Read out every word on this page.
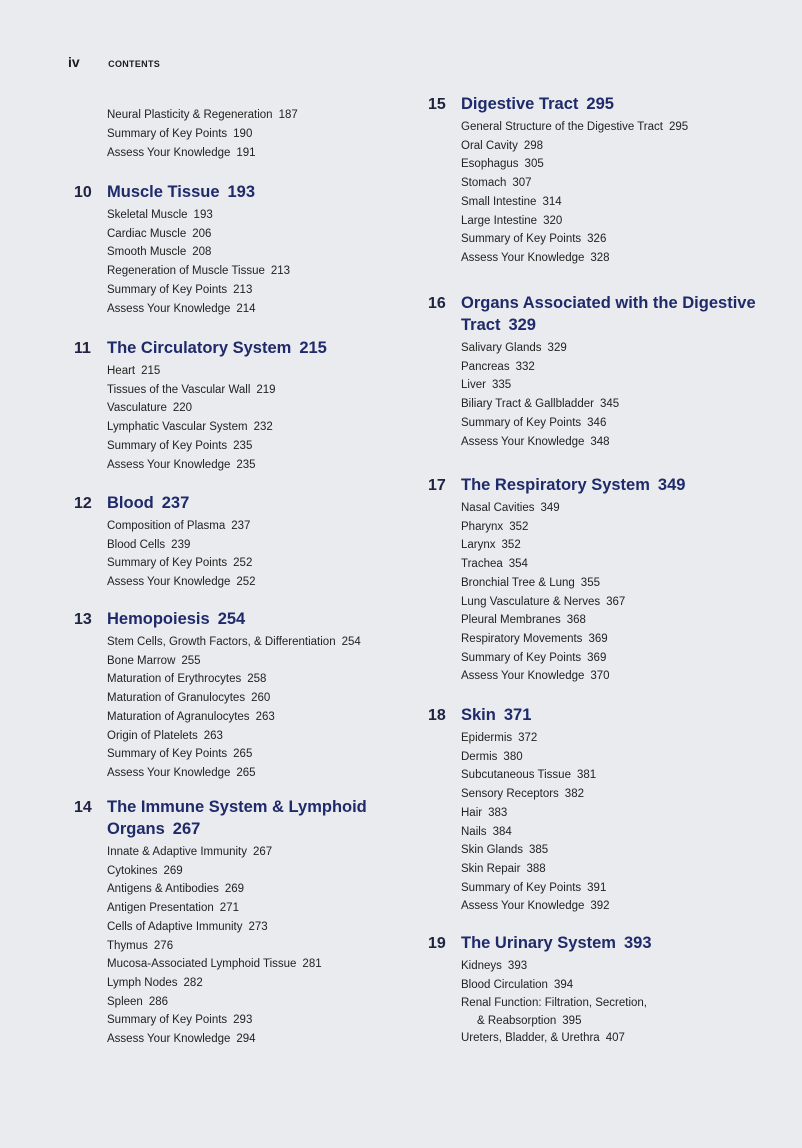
iv	CONTENTS
Neural Plasticity & Regeneration 187
Summary of Key Points 190
Assess Your Knowledge 191
10 Muscle Tissue 193
Skeletal Muscle 193
Cardiac Muscle 206
Smooth Muscle 208
Regeneration of Muscle Tissue 213
Summary of Key Points 213
Assess Your Knowledge 214
11 The Circulatory System 215
Heart 215
Tissues of the Vascular Wall 219
Vasculature 220
Lymphatic Vascular System 232
Summary of Key Points 235
Assess Your Knowledge 235
12 Blood 237
Composition of Plasma 237
Blood Cells 239
Summary of Key Points 252
Assess Your Knowledge 252
13 Hemopoiesis 254
Stem Cells, Growth Factors, & Differentiation 254
Bone Marrow 255
Maturation of Erythrocytes 258
Maturation of Granulocytes 260
Maturation of Agranulocytes 263
Origin of Platelets 263
Summary of Key Points 265
Assess Your Knowledge 265
14 The Immune System & Lymphoid
Organs 267
Innate & Adaptive Immunity 267
Cytokines 269
Antigens & Antibodies 269
Antigen Presentation 271
Cells of Adaptive Immunity 273
Thymus 276
Mucosa-Associated Lymphoid Tissue 281
Lymph Nodes 282
Spleen 286
Summary of Key Points 293
Assess Your Knowledge 294
15 Digestive Tract 295
General Structure of the Digestive Tract 295
Oral Cavity 298
Esophagus 305
Stomach 307
Small Intestine 314
Large Intestine 320
Summary of Key Points 326
Assess Your Knowledge 328
16 Organs Associated with the Digestive
Tract 329
Salivary Glands 329
Pancreas 332
Liver 335
Biliary Tract & Gallbladder 345
Summary of Key Points 346
Assess Your Knowledge 348
17 The Respiratory System 349
Nasal Cavities 349
Pharynx 352
Larynx 352
Trachea 354
Bronchial Tree & Lung 355
Lung Vasculature & Nerves 367
Pleural Membranes 368
Respiratory Movements 369
Summary of Key Points 369
Assess Your Knowledge 370
18 Skin 371
Epidermis 372
Dermis 380
Subcutaneous Tissue 381
Sensory Receptors 382
Hair 383
Nails 384
Skin Glands 385
Skin Repair 388
Summary of Key Points 391
Assess Your Knowledge 392
19 The Urinary System 393
Kidneys 393
Blood Circulation 394
Renal Function: Filtration, Secretion,
& Reabsorption 395
Ureters, Bladder, & Urethra 407
